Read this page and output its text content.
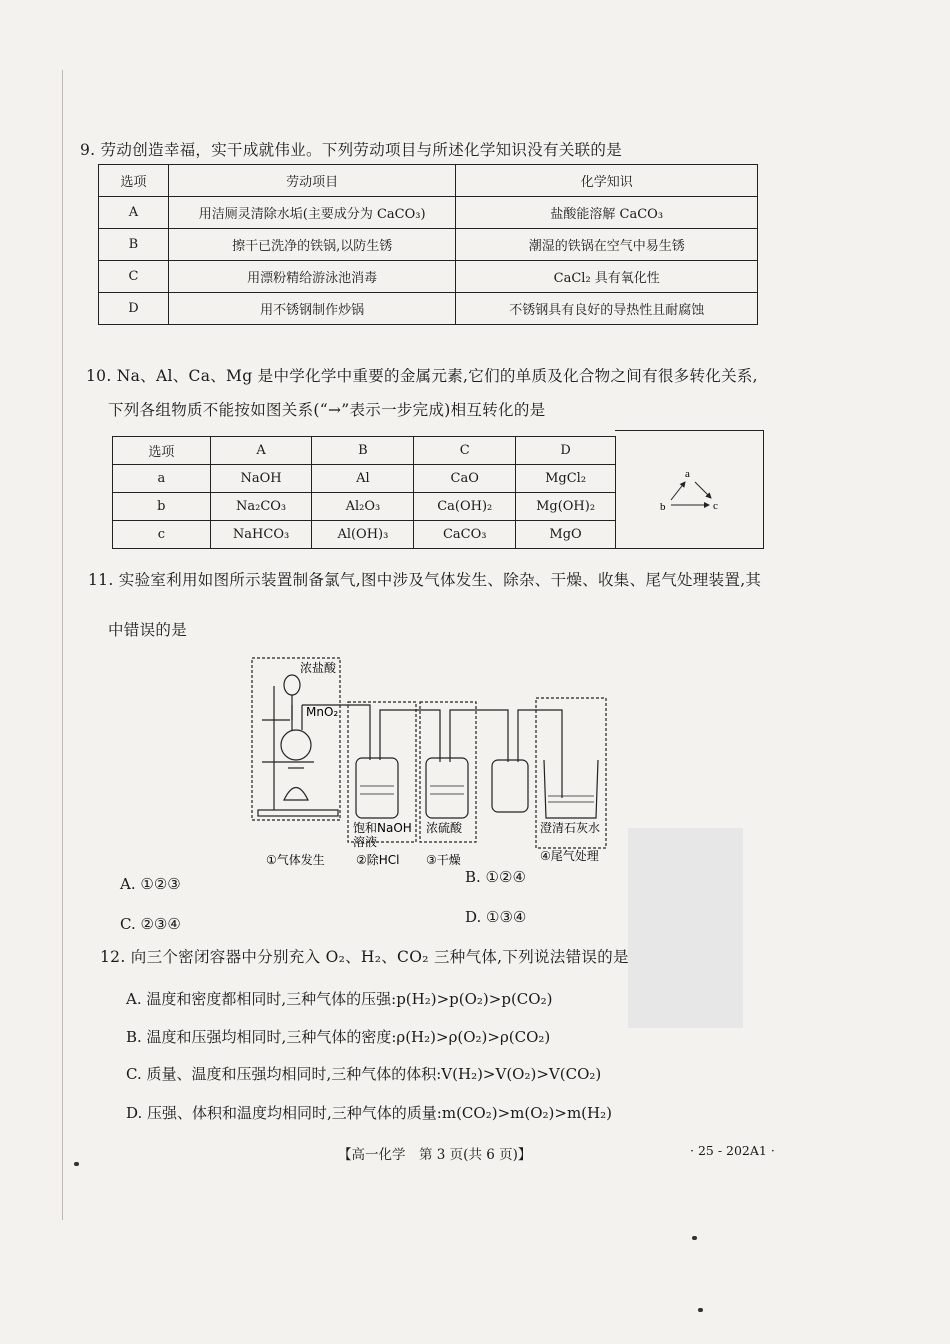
9. 劳动创造幸福，实干成就伟业。下列劳动项目与所述化学知识没有关联的是
选项	劳动项目	化学知识
A	用洁厕灵清除水垢(主要成分为 CaCO₃)	盐酸能溶解 CaCO₃
B	擦干已洗净的铁锅,以防生锈	潮湿的铁锅在空气中易生锈
C	用漂粉精给游泳池消毒	CaCl₂ 具有氧化性
D	用不锈钢制作炒锅	不锈钢具有良好的导热性且耐腐蚀
10. Na、Al、Ca、Mg 是中学化学中重要的金属元素,它们的单质及化合物之间有很多转化关系,
下列各组物质不能按如图关系(“→”表示一步完成)相互转化的是
选项	A	B	C	D
a	NaOH	Al	CaO	MgCl₂
b	Na₂CO₃	Al₂O₃	Ca(OH)₂	Mg(OH)₂
c	NaHCO₃	Al(OH)₃	CaCO₃	MgO
a
b	c
11. 实验室利用如图所示装置制备氯气,图中涉及气体发生、除杂、干燥、收集、尾气处理装置,其
中错误的是
浓盐酸
MnO₂
饱和NaOH
溶液
浓硫酸	澄清石灰水
①气体发生	②除HCl ③干燥	④尾气处理
A. ①②③	B. ①②④
C. ②③④	D. ①③④
12. 向三个密闭容器中分别充入 O₂、H₂、CO₂ 三种气体,下列说法错误的是
A. 温度和密度都相同时,三种气体的压强:p(H₂)>p(O₂)>p(CO₂)
B. 温度和压强均相同时,三种气体的密度:ρ(H₂)>ρ(O₂)>ρ(CO₂)
C. 质量、温度和压强均相同时,三种气体的体积:V(H₂)>V(O₂)>V(CO₂)
D. 压强、体积和温度均相同时,三种气体的质量:m(CO₂)>m(O₂)>m(H₂)
【高一化学　第 3 页(共 6 页)】	· 25 - 202A1 ·
